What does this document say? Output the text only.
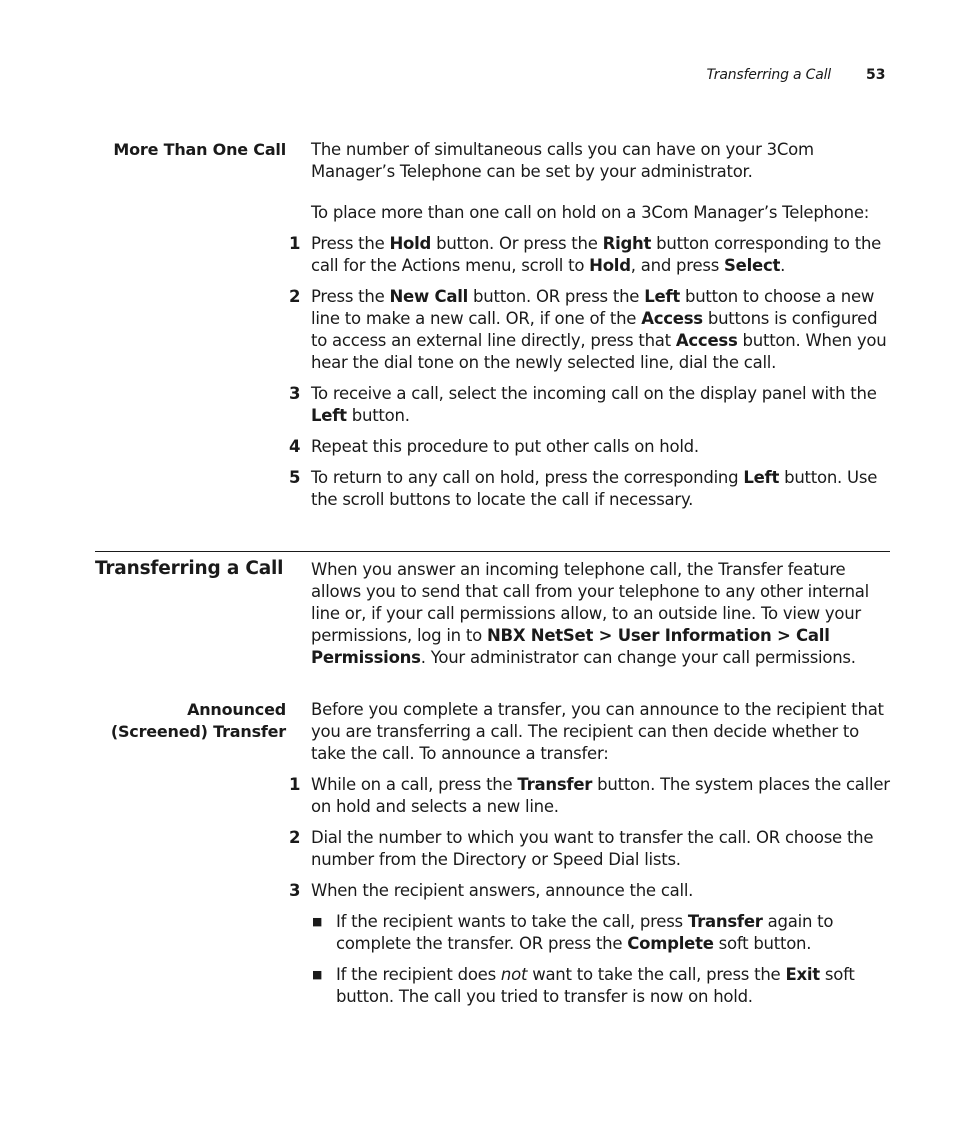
Transferring a Call	53
More Than One Call The number of simultaneous calls you can have on your 3Com Manager’s Telephone can be set by your administrator.

To place more than one call on hold on a 3Com Manager’s Telephone:

1 Press the Hold button. Or press the Right button corresponding to the call for the Actions menu, scroll to Hold, and press Select.

2 Press the New Call button. OR press the Left button to choose a new line to make a new call. OR, if one of the Access buttons is configured to access an external line directly, press that Access button. When you hear the dial tone on the newly selected line, dial the call.

3 To receive a call, select the incoming call on the display panel with the Left button.

4 Repeat this procedure to put other calls on hold.

5 To return to any call on hold, press the corresponding Left button. Use the scroll buttons to locate the call if necessary.

Transferring a Call When you answer an incoming telephone call, the Transfer feature allows you to send that call from your telephone to any other internal line or, if your call permissions allow, to an outside line. To view your permissions, log in to NBX NetSet > User Information > Call Permissions. Your administrator can change your call permissions.

Announced
(Screened) Transfer

Before you complete a transfer, you can announce to the recipient that you are transferring a call. The recipient can then decide whether to take the call. To announce a transfer:

1 While on a call, press the Transfer button. The system places the caller on hold and selects a new line.

2 Dial the number to which you want to transfer the call. OR choose the number from the Directory or Speed Dial lists.

3 When the recipient answers, announce the call.

■ If the recipient wants to take the call, press Transfer again to complete the transfer. OR press the Complete soft button.

■ If the recipient does not want to take the call, press the Exit soft button. The call you tried to transfer is now on hold.
